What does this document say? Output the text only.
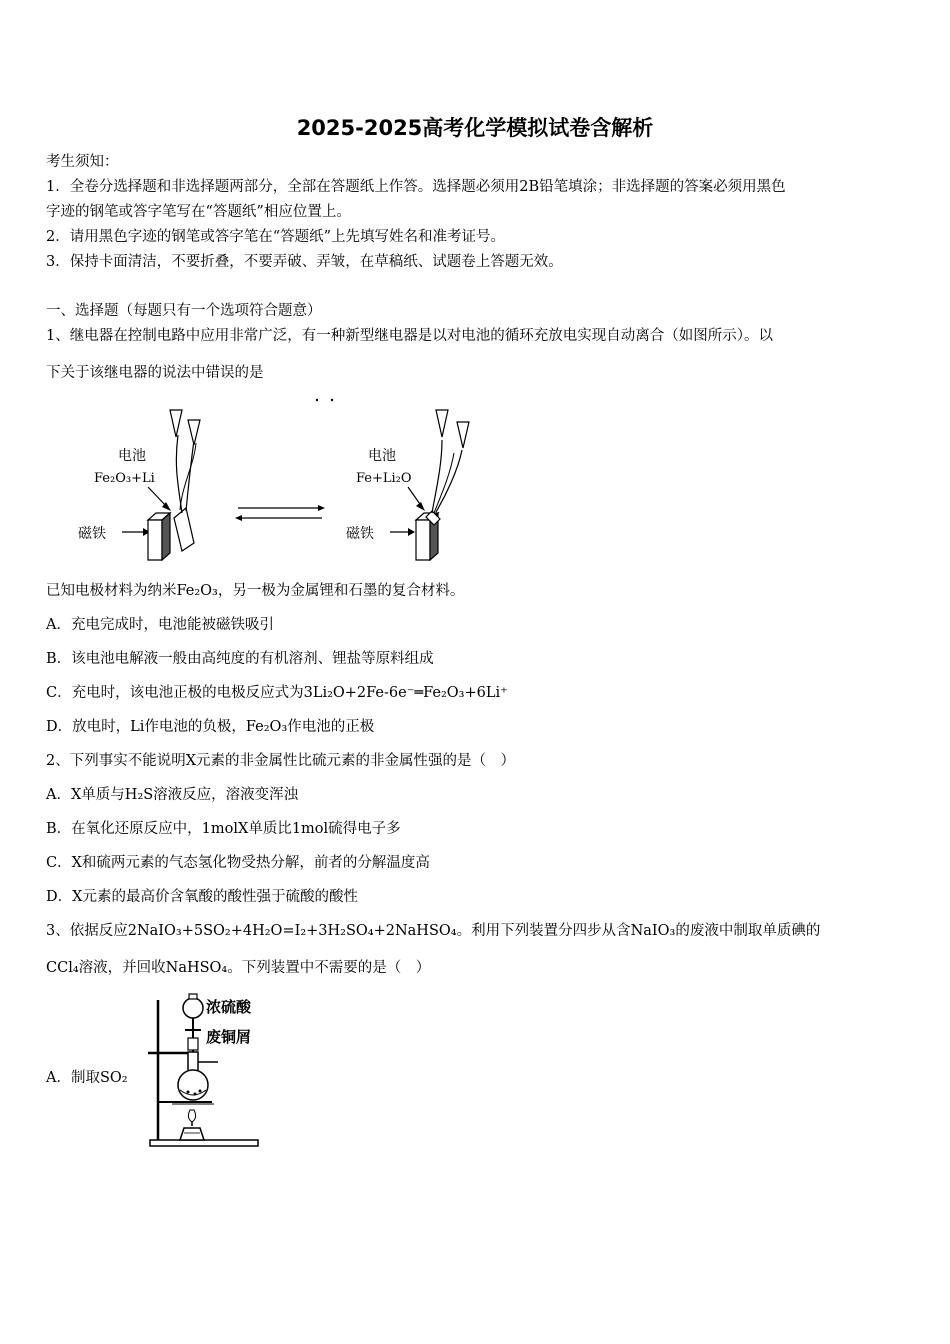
2025-2025高考化学模拟试卷含解析
考生须知：
1．全卷分选择题和非选择题两部分，全部在答题纸上作答。选择题必须用2B铅笔填涂；非选择题的答案必须用黑色
字迹的钢笔或答字笔写在“答题纸”相应位置上。
2．请用黑色字迹的钢笔或答字笔在“答题纸”上先填写姓名和准考证号。
3．保持卡面清洁，不要折叠，不要弄破、弄皱，在草稿纸、试题卷上答题无效。
一、选择题（每题只有一个选项符合题意）
1、继电器在控制电路中应用非常广泛，有一种新型继电器是以对电池的循环充放电实现自动离合（如图所示）。以
下关于该继电器的说法中错误的是
电池
Fe₂O₃+Li
磁铁
电池
Fe+Li₂O
磁铁
已知电极材料为纳米Fe₂O₃，另一极为金属锂和石墨的复合材料。
A．充电完成时，电池能被磁铁吸引
B．该电池电解液一般由高纯度的有机溶剂、锂盐等原料组成
C．充电时，该电池正极的电极反应式为3Li₂O+2Fe-6e⁻═Fe₂O₃+6Li⁺
D．放电时，Li作电池的负极，Fe₂O₃作电池的正极
2、下列事实不能说明X元素的非金属性比硫元素的非金属性强的是（　）
A．X单质与H₂S溶液反应，溶液变浑浊
B．在氧化还原反应中，1molX单质比1mol硫得电子多
C．X和硫两元素的气态氢化物受热分解，前者的分解温度高
D．X元素的最高价含氧酸的酸性强于硫酸的酸性
3、依据反应2NaIO₃+5SO₂+4H₂O=I₂+3H₂SO₄+2NaHSO₄。利用下列装置分四步从含NaIO₃的废液中制取单质碘的
CCl₄溶液，并回收NaHSO₄。下列装置中不需要的是（　）
A．制取SO₂
浓硫酸
废铜屑
